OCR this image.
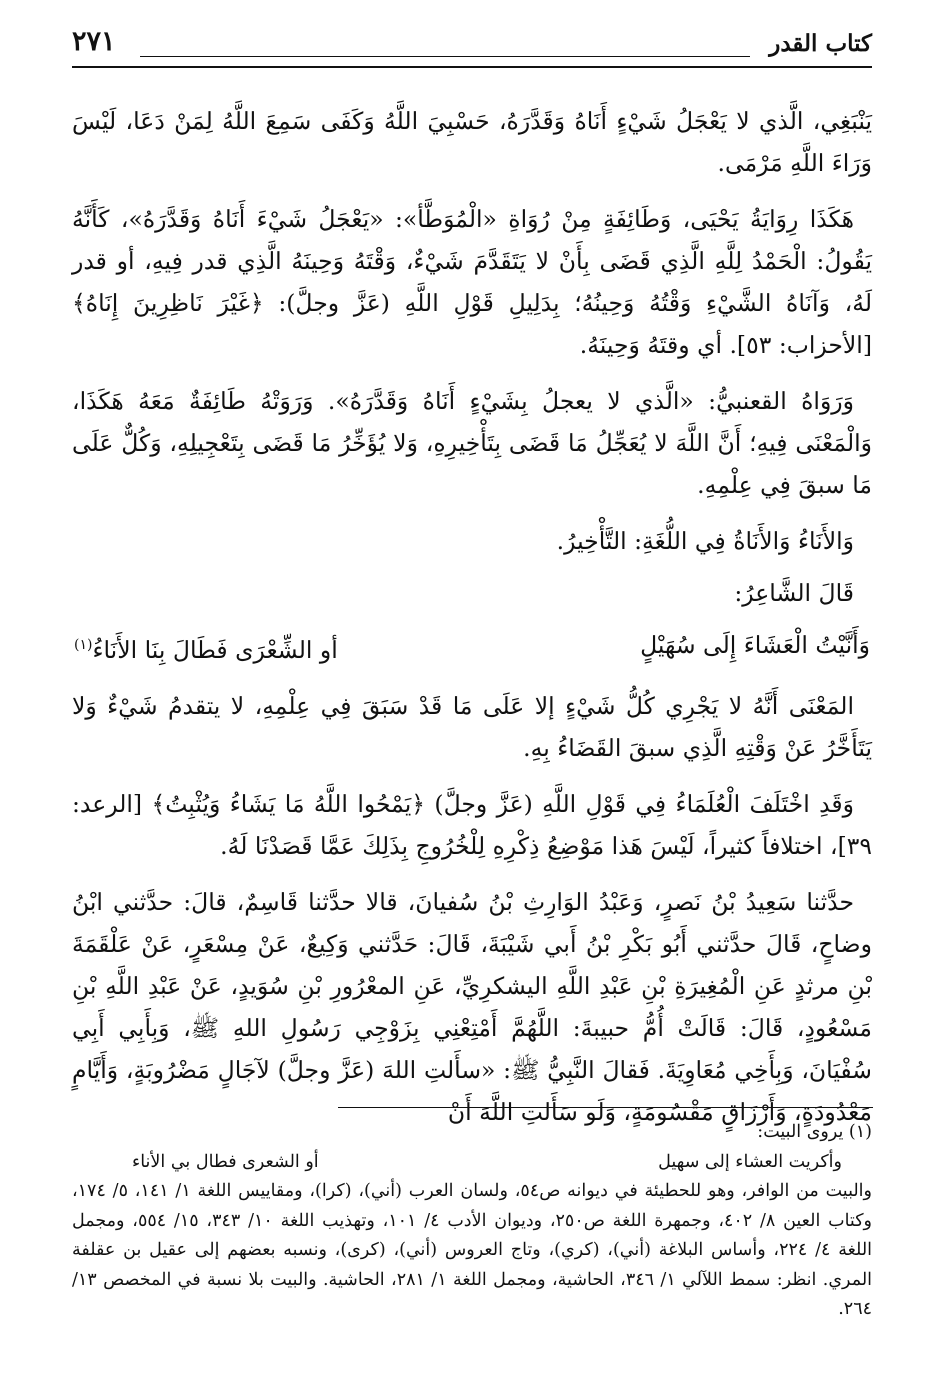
كتاب القدر
٢٧١

يَنْبَغِي، الَّذي لا يَعْجَلُ شَيْءٍ أَنَاهُ وَقَدَّرَهُ، حَسْبِيَ اللَّهُ وَكَفَى سَمِعَ اللَّهُ لِمَنْ دَعَا، لَيْسَ وَرَاءَ اللَّهِ مَرْمَى.

هَكَذَا رِوَايَةُ يَحْيَى، وَطَائِفَةٍ مِنْ رُوَاةِ «الْمُوَطَّأ»: «يَعْجَلُ شَيْءَ أَنَاهُ وَقَدَّرَهُ»، كَأَنَّهُ يَقُولُ: الْحَمْدُ لِلَّهِ الَّذِي قَضَى بِأَنْ لا يَتَقَدَّمَ شَيْءٌ، وَقْتَهُ وَحِينَهُ الَّذِي قدر فِيهِ، أو قدر لَهُ، وَآنَاهُ الشَّيْءِ وَقْتُهُ وَحِينُهُ؛ بِدَلِيلِ قَوْلِ اللَّهِ (عَزَّ وجلَّ): ﴿غَيْرَ نَاظِرِينَ إِنَاهُ﴾ [الأحزاب: ٥٣]. أي وقتَهُ وَحِينَهُ.

وَرَوَاهُ القعنبيُّ: «الَّذي لا يعجلُ بِشَيْءٍ أَنَاهُ وَقَدَّرَهُ». وَرَوَتْهُ طَائِفَةٌ مَعَهُ هَكَذَا، وَالْمَعْنَى فِيهِ؛ أَنَّ اللَّهَ لا يُعَجِّلُ مَا قَضَى بِتَأْخِيرِهِ، وَلا يُؤَخِّرُ مَا قَضَى بِتَعْجِيلِهِ، وَكُلٌّ عَلَى مَا سبقَ فِي عِلْمِهِ.

وَالأَنَاءُ وَالأَنَاةُ فِي اللُّغَةِ: التَّأْخِيرُ.

قَالَ الشَّاعِرُ:

وَأَنَّيْتُ الْعَشَاءَ إِلَى سُهَيْلٍ
أو الشِّعْرَى فَطَالَ بِنَا الأَنَاءُ$^{(١)}$

المَعْنَى أَنَّهُ لا يَجْرِي كُلُّ شَيْءٍ إلا عَلَى مَا قَدْ سَبَقَ فِي عِلْمِهِ، لا يتقدمُ شَيْءٌ وَلا يَتَأَخَّرُ عَنْ وَقْتِهِ الَّذِي سبقَ القَضَاءُ بِهِ.

وَقَدِ اخْتَلَفَ الْعُلَمَاءُ فِي قَوْلِ اللَّهِ (عَزَّ وجلَّ) ﴿يَمْحُوا اللَّهُ مَا يَشَاءُ وَيُثْبِتُ﴾ [الرعد: ٣٩]، اختلافاً كثيراً، لَيْسَ هَذا مَوْضِعُ ذِكْرِهِ لِلْخُرُوجِ بِذَلِكَ عَمَّا قَصَدْنَا لَهُ.

حدَّثنا سَعِيدُ بْنُ نَصرٍ، وَعَبْدُ الوَارِثِ بْنُ سُفيانَ، قالا حدَّثنا قَاسِمٌ، قالَ: حدَّثني ابْنُ وضاحٍ، قَالَ حدَّثني أَبُو بَكْرِ بْنُ أَبي شَيْبَةَ، قَالَ: حَدَّثني وَكِيعٌ، عَنْ مِسْعَرٍ، عَنْ عَلْقَمَةَ بْنِ مرثدٍ عَنِ الْمُغِيرَةِ بْنِ عَبْدِ اللَّهِ اليشكرِيِّ، عَنِ المعْرُورِ بْنِ سُوَيدٍ، عَنْ عَبْدِ اللَّهِ بْنِ مَسْعُودٍ، قَالَ: قَالَتْ أُمُّ حبيبةَ: اللَّهُمَّ أَمْتِعْنِي بِزَوْجِي رَسُولِ اللهِ ﷺ، وَبِأَبِي أَبِي سُفْيَانَ، وَبِأَخِي مُعَاوِيَةَ. فَقالَ النَّبِيُّ ﷺ: «سأَلتِ اللهَ (عَزَّ وجلَّ) لآجَالٍ مَضْرُوبَةٍ، وَأَيَّامٍ مَعْدُودَةٍ، وَأَرْزَاقٍ مَقْسُومَةٍ، وَلَو سَأَلتِ اللَّهَ أَنْ

(١) يروى البيت:

وأكريت العشاء إلى سهيل
أو الشعرى فطال بي الأناء

والبيت من الوافر، وهو للحطيئة في ديوانه ص٥٤، ولسان العرب (أني)، (كرا)، ومقاييس اللغة ١/ ١٤١، ٥/ ١٧٤، وكتاب العين ٨/ ٤٠٢، وجمهرة اللغة ص٢٥٠، وديوان الأدب ٤/ ١٠١، وتهذيب اللغة ١٠/ ٣٤٣، ١٥/ ٥٥٤، ومجمل اللغة ٤/ ٢٢٤، وأساس البلاغة (أني)، (كري)، وتاج العروس (أني)، (كرى)، ونسبه بعضهم إلى عقيل بن عقلفة المري. انظر: سمط اللآلي ١/ ٣٤٦، الحاشية، ومجمل اللغة ١/ ٢٨١، الحاشية. والبيت بلا نسبة في المخصص ١٣/ ٢٦٤.
